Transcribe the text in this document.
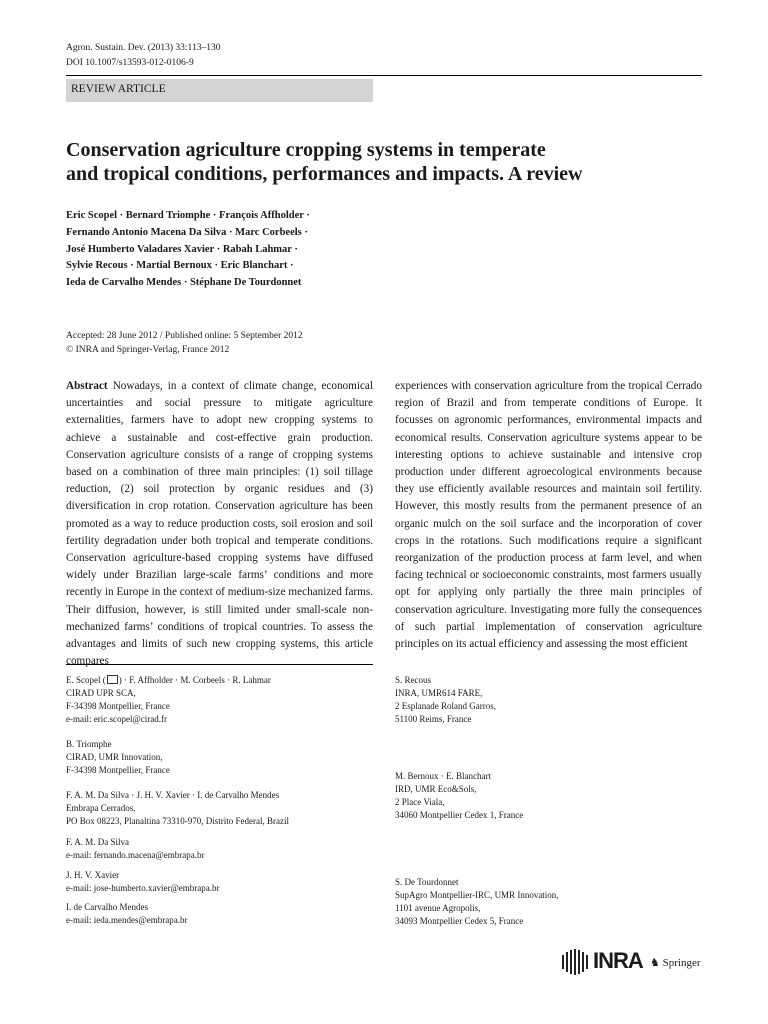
Agron. Sustain. Dev. (2013) 33:113–130
DOI 10.1007/s13593-012-0106-9
REVIEW ARTICLE
Conservation agriculture cropping systems in temperate
and tropical conditions, performances and impacts. A review
Eric Scopel · Bernard Triomphe · François Affholder ·
Fernando Antonio Macena Da Silva · Marc Corbeels ·
José Humberto Valadares Xavier · Rabah Lahmar ·
Sylvie Recous · Martial Bernoux · Eric Blanchart ·
Ieda de Carvalho Mendes · Stéphane De Tourdonnet
Accepted: 28 June 2012 / Published online: 5 September 2012
© INRA and Springer-Verlag, France 2012
Abstract Nowadays, in a context of climate change, economical uncertainties and social pressure to mitigate agriculture externalities, farmers have to adopt new cropping systems to achieve a sustainable and cost-effective grain production. Conservation agriculture consists of a range of cropping systems based on a combination of three main principles: (1) soil tillage reduction, (2) soil protection by organic residues and (3) diversification in crop rotation. Conservation agriculture has been promoted as a way to reduce production costs, soil erosion and soil fertility degradation under both tropical and temperate conditions. Conservation agriculture-based cropping systems have diffused widely under Brazilian large-scale farms’ conditions and more recently in Europe in the context of medium-size mechanized farms. Their diffusion, however, is still limited under small-scale non-mechanized farms’ conditions of tropical countries. To assess the advantages and limits of such new cropping systems, this article compares
experiences with conservation agriculture from the tropical Cerrado region of Brazil and from temperate conditions of Europe. It focusses on agronomic performances, environmental impacts and economical results. Conservation agriculture systems appear to be interesting options to achieve sustainable and intensive crop production under different agroecological environments because they use efficiently available resources and maintain soil fertility. However, this mostly results from the permanent presence of an organic mulch on the soil surface and the incorporation of cover crops in the rotations. Such modifications require a significant reorganization of the production process at farm level, and when facing technical or socioeconomic constraints, most farmers usually opt for applying only partially the three main principles of conservation agriculture. Investigating more fully the consequences of such partial implementation of conservation agriculture principles on its actual efficiency and assessing the most efficient
E. Scopel ( ) · F. Affholder · M. Corbeels · R. Lahmar
CIRAD UPR SCA,
F-34398 Montpellier, France
e-mail: eric.scopel@cirad.fr
B. Triomphe
CIRAD, UMR Innovation,
F-34398 Montpellier, France
F. A. M. Da Silva · J. H. V. Xavier · I. de Carvalho Mendes
Embrapa Cerrados,
PO Box 08223, Planaltina 73310-970, Distrito Federal, Brazil
F. A. M. Da Silva
e-mail: fernando.macena@embrapa.br
J. H. V. Xavier
e-mail: jose-humberto.xavier@embrapa.br
I. de Carvalho Mendes
e-mail: ieda.mendes@embrapa.br
S. Recous
INRA, UMR614 FARE,
2 Esplanade Roland Garros,
51100 Reims, France
M. Bernoux · E. Blanchart
IRD, UMR Eco&Sols,
2 Place Viala,
34060 Montpellier Cedex 1, France
S. De Tourdonnet
SupAgro Montpellier-IRC, UMR Innovation,
1101 avenue Agropolis,
34093 Montpellier Cedex 5, France
INRA ♞ Springer
